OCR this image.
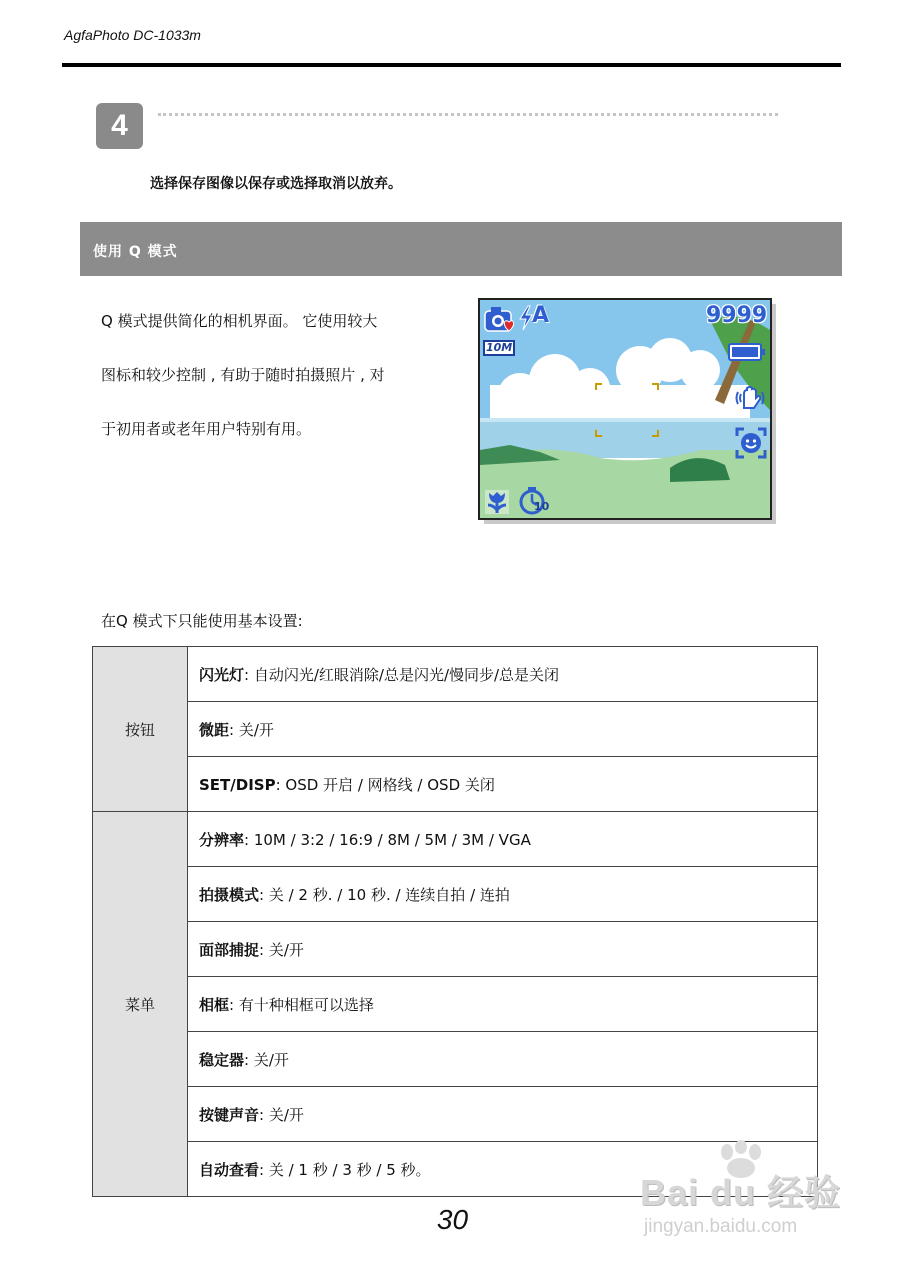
AgfaPhoto DC-1033m
4
选择保存图像以保存或选择取消以放弃。
使用 Q 模式
Q 模式提供简化的相机界面。 它使用较大
图标和较少控制 , 有助于随时拍摄照片 , 对
于初用者或老年用户特别有用。
A	9999
10M
10
在Q 模式下只能使用基本设置:
按钮	闪光灯: 自动闪光/红眼消除/总是闪光/慢同步/总是关闭
	微距: 关/开
	SET/DISP: OSD 开启 / 网格线 / OSD 关闭
菜单	分辨率: 10M / 3:2 / 16:9 / 8M / 5M / 3M / VGA
	拍摄模式: 关 / 2 秒. / 10 秒. / 连续自拍 / 连拍
	面部捕捉: 关/开
	相框: 有十种相框可以选择
	稳定器: 关/开
	按键声音: 关/开
	自动查看: 关 / 1 秒 / 3 秒 / 5 秒。
30
Bai du 经验
jingyan.baidu.com
